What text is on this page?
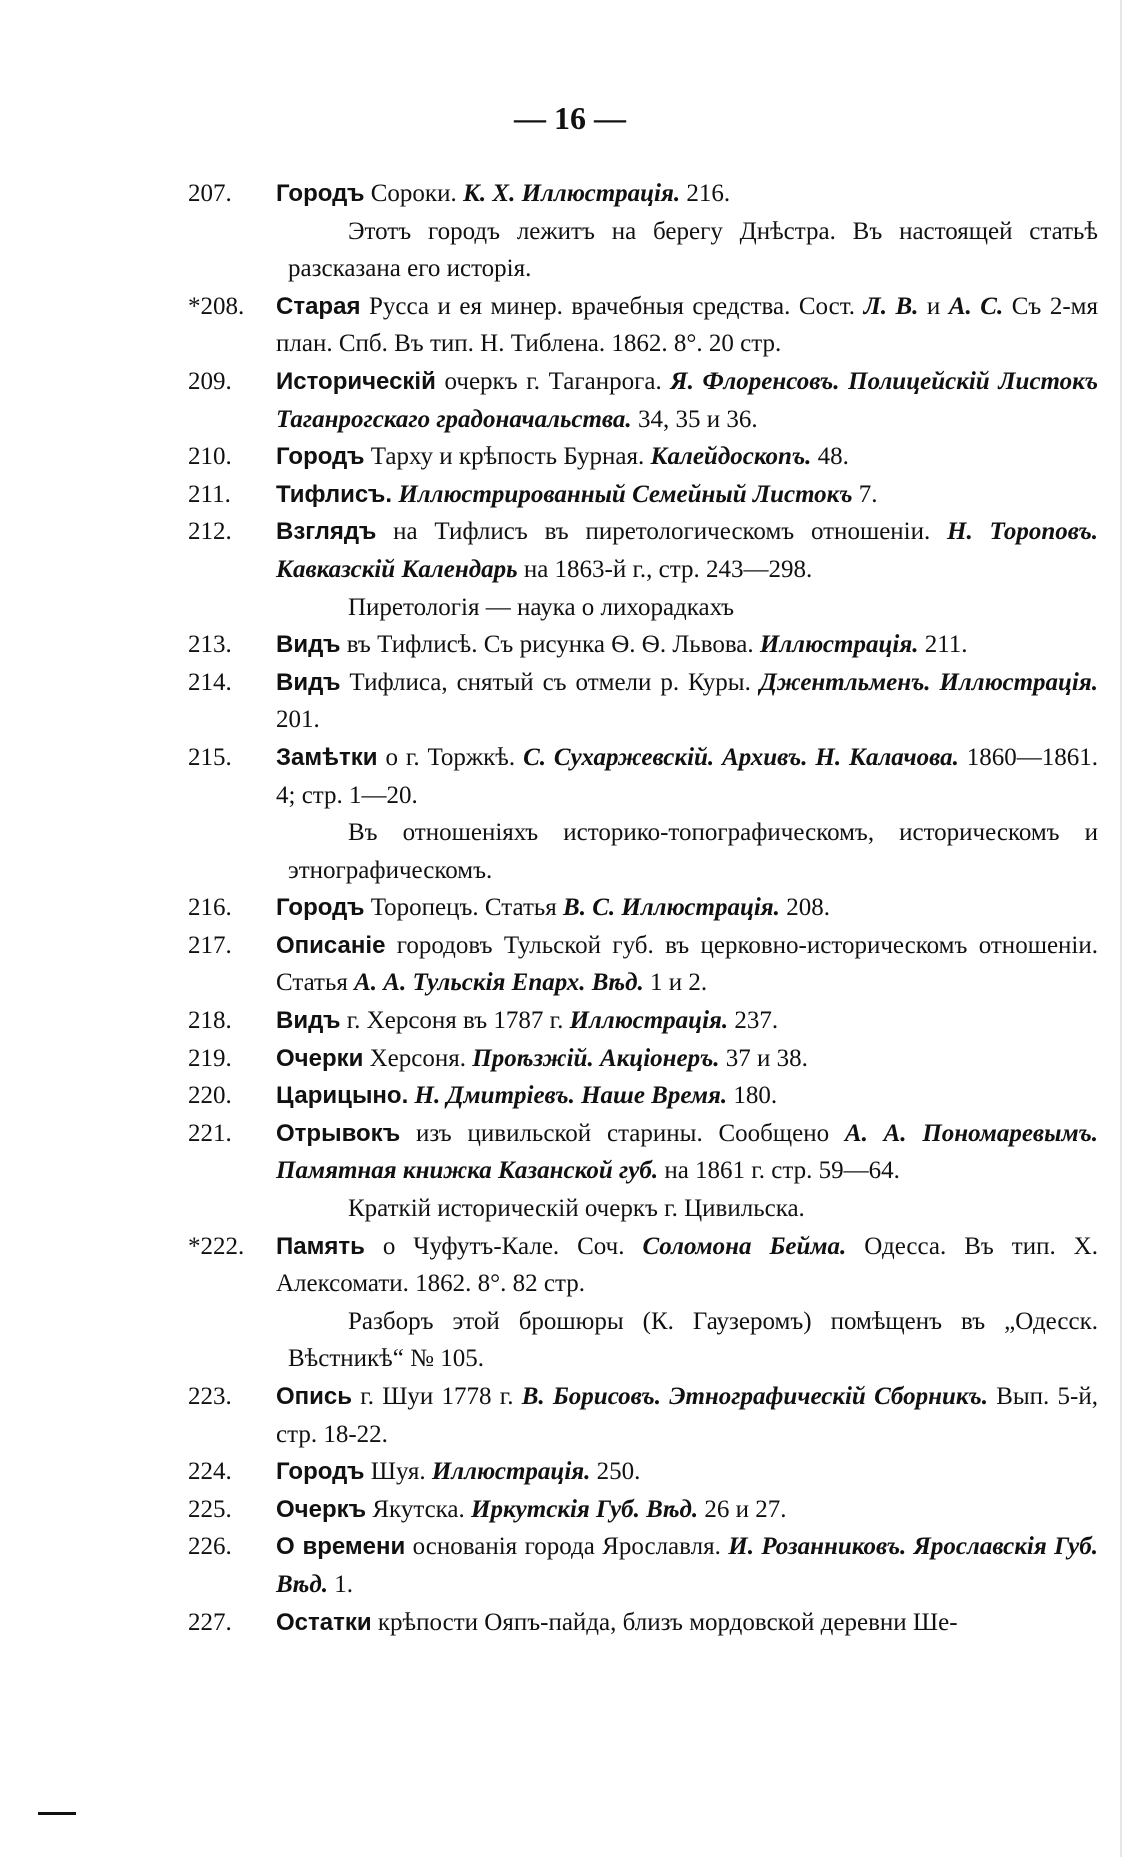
— 16 —
207.	Городъ Сороки. К. Х. Иллюстрація. 216.
Этотъ городъ лежитъ на берегу Днѣстра. Въ настоящей статьѣ разсказана его исторія.
*208.	Старая Русса и ея минер. врачебныя средства. Сост. Л. В. и А. С. Съ 2-мя план. Спб. Въ тип. Н. Тиблена. 1862. 8°. 20 стр.
209.	Историческій очеркъ г. Таганрога. Я. Флоренсовъ. Полицейскій Листокъ Таганрогскаго градоначальства. 34, 35 и 36.
210.	Городъ Тарху и крѣпость Бурная. Калейдоскопъ. 48.
211.	Тифлисъ. Иллюстрированный Семейный Листокъ 7.
212.	Взглядъ на Тифлисъ въ пиретологическомъ отношеніи. Н. Тороповъ. Кавказскій Календарь на 1863-й г., стр. 243—298.
Пиретологія — наука о лихорадкахъ
213.	Видъ въ Тифлисѣ. Съ рисунка Ѳ. Ѳ. Львова. Иллюстрація. 211.
214.	Видъ Тифлиса, снятый съ отмели р. Куры. Джентльменъ. Иллюстрація. 201.
215.	Замѣтки о г. Торжкѣ. С. Сухаржевскій. Архивъ. Н. Калачова. 1860—1861. 4; стр. 1—20.
Въ отношеніяхъ историко-топографическомъ, историческомъ и этнографическомъ.
216.	Городъ Торопецъ. Статья В. С. Иллюстрація. 208.
217.	Описаніе городовъ Тульской губ. въ церковно-историческомъ отношеніи. Статья А. А. Тульскія Епарх. Вѣд. 1 и 2.
218.	Видъ г. Херсоня въ 1787 г. Иллюстрація. 237.
219.	Очерки Херсоня. Проѣзжій. Акціонеръ. 37 и 38.
220.	Царицыно. Н. Дмитріевъ. Наше Время. 180.
221.	Отрывокъ изъ цивильской старины. Сообщено А. А. Пономаревымъ. Памятная книжка Казанской губ. на 1861 г. стр. 59—64.
Краткій историческій очеркъ г. Цивильска.
*222.	Память о Чуфутъ-Кале. Соч. Соломона Бейма. Одесса. Въ тип. Х. Алексомати. 1862. 8°. 82 стр.
Разборъ этой брошюры (К. Гаузеромъ) помѣщенъ въ „Одесск. Вѣстникѣ“ № 105.
223.	Опись г. Шуи 1778 г. В. Борисовъ. Этнографическій Сборникъ. Вып. 5-й, стр. 18-22.
224.	Городъ Шуя. Иллюстрація. 250.
225.	Очеркъ Якутска. Иркутскія Губ. Вѣд. 26 и 27.
226.	О времени основанія города Ярославля. И. Розанниковъ. Ярославскія Губ. Вѣд. 1.
227.	Остатки крѣпости Ояпъ-пайда, близъ мордовской деревни Ше-
